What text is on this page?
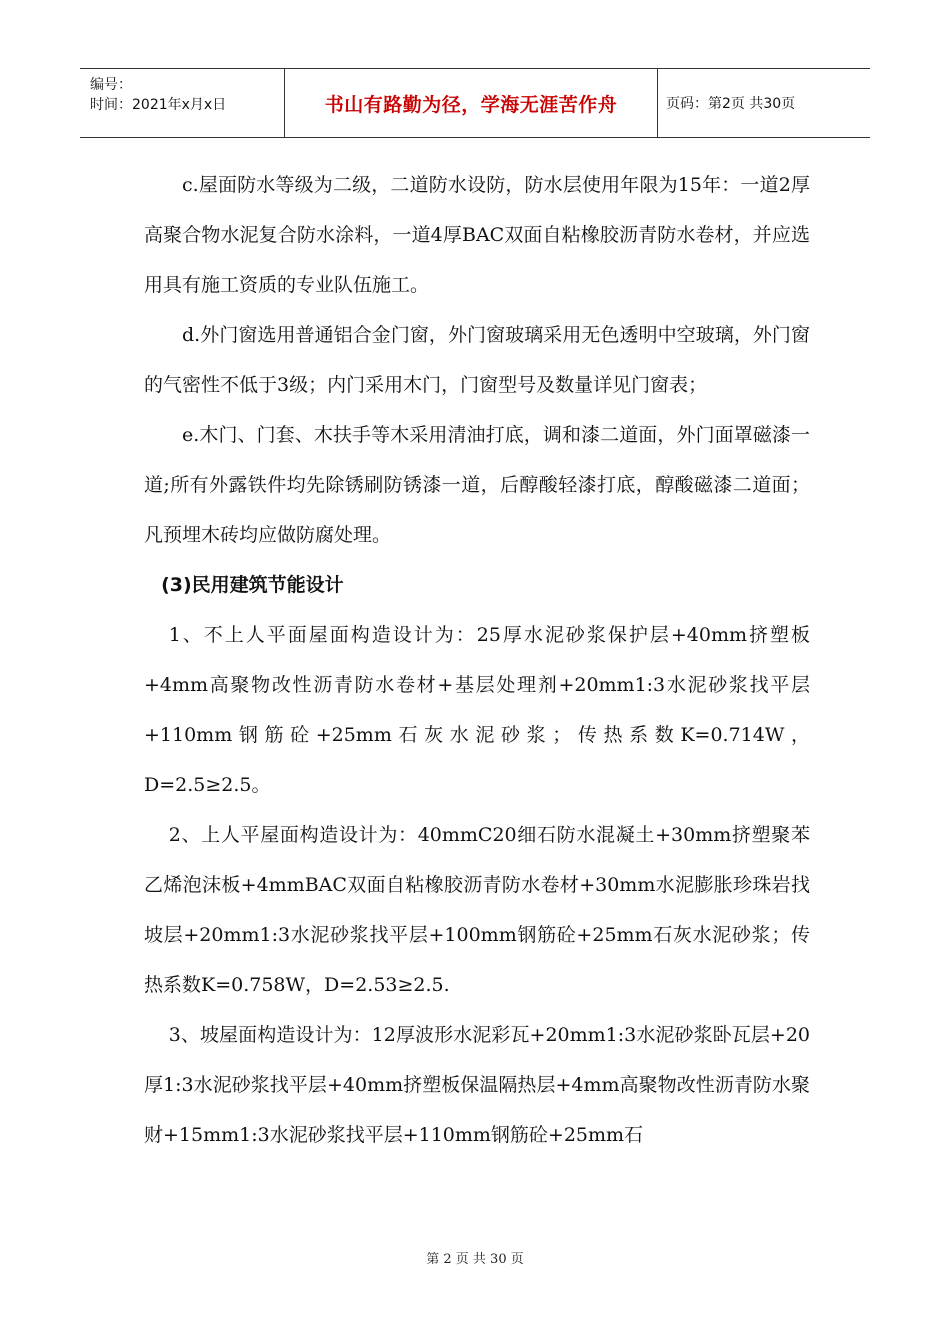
编号：
时间：2021年x月x日	书山有路勤为径，学海无涯苦作舟	页码：第2页 共30页

c.屋面防水等级为二级，二道防水设防，防水层使用年限为15年：一道2厚高聚合物水泥复合防水涂料，一道4厚BAC双面自粘橡胶沥青防水卷材，并应选用具有施工资质的专业队伍施工。

d.外门窗选用普通铝合金门窗，外门窗玻璃采用无色透明中空玻璃，外门窗的气密性不低于3级；内门采用木门，门窗型号及数量详见门窗表；

e.木门、门套、木扶手等木采用清油打底，调和漆二道面，外门面罩磁漆一道;所有外露铁件均先除锈刷防锈漆一道，后醇酸轻漆打底，醇酸磁漆二道面；凡预埋木砖均应做防腐处理。

(3)民用建筑节能设计

1、不上人平面屋面构造设计为：25厚水泥砂浆保护层+40mm挤塑板+4mm高聚物改性沥青防水卷材+基层处理剂+20mm1:3水泥砂浆找平层+110mm钢筋砼+25mm石灰水泥砂浆；传热系数K=0.714W，D=2.5≥2.5。

2、上人平屋面构造设计为：40mmC20细石防水混凝土+30mm挤塑聚苯乙烯泡沫板+4mmBAC双面自粘橡胶沥青防水卷材+30mm水泥膨胀珍珠岩找坡层+20mm1:3水泥砂浆找平层+100mm钢筋砼+25mm石灰水泥砂浆；传热系数K=0.758W，D=2.53≥2.5.

3、坡屋面构造设计为：12厚波形水泥彩瓦+20mm1:3水泥砂浆卧瓦层+20厚1:3水泥砂浆找平层+40mm挤塑板保温隔热层+4mm高聚物改性沥青防水聚财+15mm1:3水泥砂浆找平层+110mm钢筋砼+25mm石

第 2 页 共 30 页
